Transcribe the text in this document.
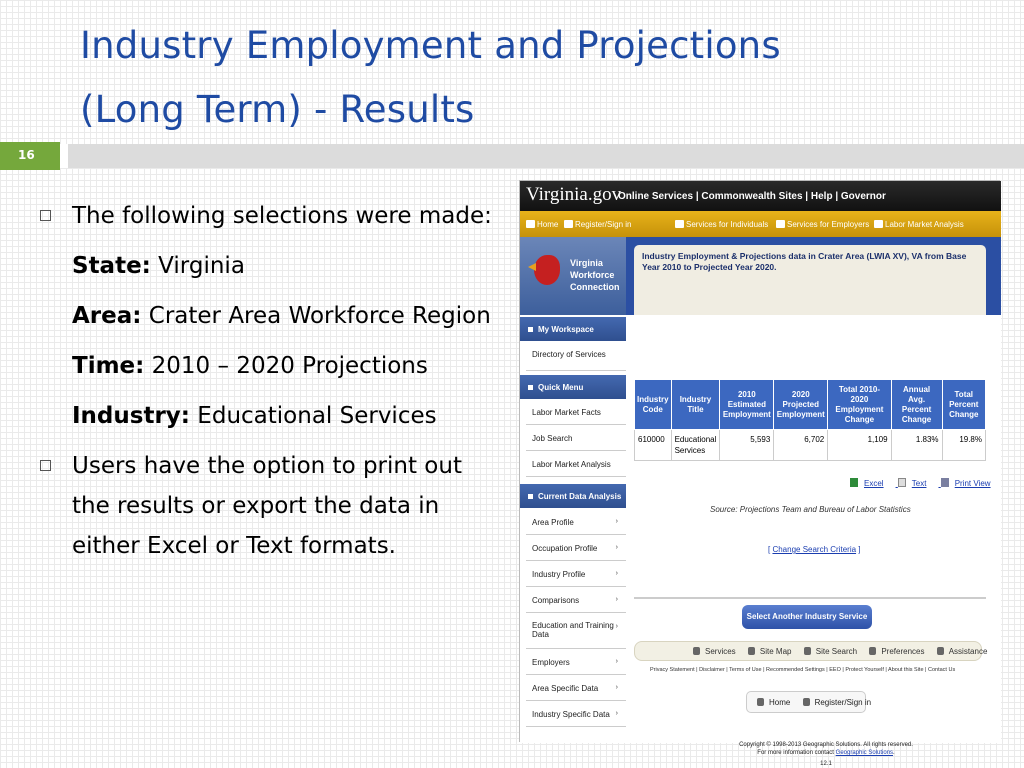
Industry Employment and Projections
(Long Term) - Results
16
The following selections were made:
State: Virginia
Area: Crater Area Workforce Region
Time: 2010 – 2020 Projections
Industry: Educational Services
Users have the option to print out the results or export the data in either Excel or Text formats.
Virginia.gov
Online Services | Commonwealth Sites | Help | Governor
Home	Register/Sign in	Services for Individuals	Services for Employers	Labor Market Analysis
Virginia
Workforce
Connection
My Workspace
Directory of Services
Quick Menu
Labor Market Facts
Job Search
Labor Market Analysis
Current Data Analysis
Area Profile	›
Occupation Profile	›
Industry Profile	›
Comparisons	›
Education and Training Data
›
Employers	›
Area Specific Data ›
Industry Specific Data ›
Industry Employment & Projections data in Crater Area (LWIA XV), VA from Base Year 2010 to Projected Year 2020.
Industry Code	Industry Title	2010 Estimated Employment	2020 Projected Employment	Total 2010-2020 Employment Change	Annual Avg. Percent Change	Total Percent Change
610000	Educational Services	5,593	6,702	1,109	1.83%	19.8%
Excel	Text	Print View
Source: Projections Team and Bureau of Labor Statistics
[ Change Search Criteria ]
Select Another Industry Service
Services	Site Map	Site Search	Preferences	Assistance
Privacy Statement | Disclaimer | Terms of Use | Recommended Settings | EEO | Protect Yourself | About this Site | Contact Us
Home	Register/Sign in
Copyright © 1998-2013 Geographic Solutions. All rights reserved.
For more information contact Geographic Solutions.
12.1
